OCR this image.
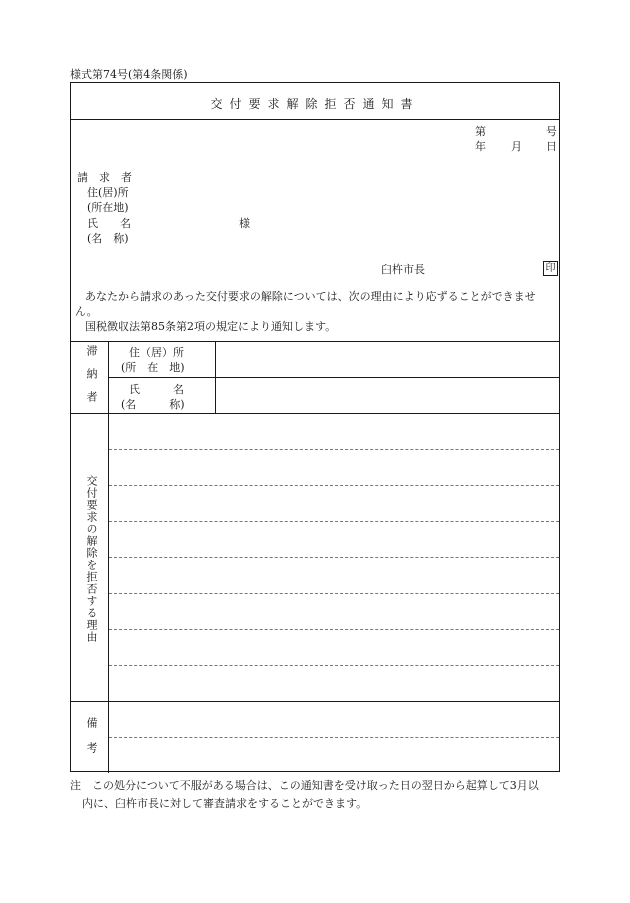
様式第74号(第4条関係)
交付要求解除拒否通知書
第	号
年 月 日
請　求　者
住(居)所
(所在地)
氏　　名	様
(名　称)
臼杵市長	印
あなたから請求のあった交付要求の解除については、次の理由により応ずることができません。
国税徴収法第85条第2項の規定により通知します。
滞納者	住（居）所
(所　在　地)
氏　　　名
(名　　　称)
交付要求の解除を拒否する理由
備考
注　この処分について不服がある場合は、この通知書を受け取った日の翌日から起算して3月以
内に、臼杵市長に対して審査請求をすることができます。
